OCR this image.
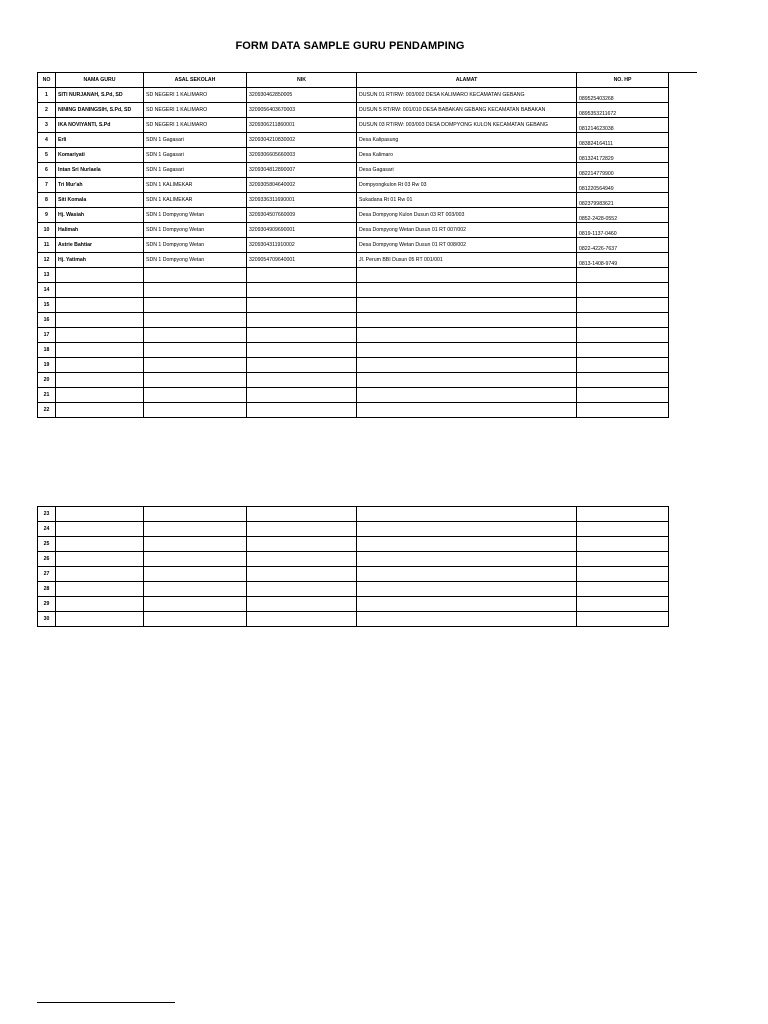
FORM DATA SAMPLE GURU PENDAMPING
NO	NAMA GURU	ASAL SEKOLAH	NIK	ALAMAT	NO. HP
1	SITI NURJANAH, S.Pd, SD	SD NEGERI 1 KALIMARO	320930462850005	DUSUN 01 RT/RW: 003/002 DESA KALIMARO KECAMATAN GEBANG	089525403268
2	NINING DANINGSIH, S.Pd, SD	SD NEGERI 1 KALIMARO	3209056403670003	DUSUN 5 RT/RW: 001/010 DESA BABAKAN GEBANG KECAMATAN BABAKAN	0895353211672
3	IKA NOVIYANTI, S.Pd	SD NEGERI 1 KALIMARO	3209306211860001	DUSUN 03 RT/RW: 003/003 DESA DOMPYONG KULON KECAMATAN GEBANG	081214623038
4	Erli	SDN 1 Gagasari	3209304210830002	Desa Kalipasung	083824164111
5	Komariyati	SDN 1 Gagasari	3209306605660003	Desa Kalimaro	081324172829
6	Intan Sri Nurlaela	SDN 1 Gagasari	3209304812890007	Desa Gagasari	082214779900
7	Tri Mur'ah	SDN 1 KALIMEKAR	3209305804640002	Dompyongkulon Rt 03 Rw 03	081220564949
8	Siti Komala	SDN 1 KALIMEKAR	3209336311690001	Sukadana Rt 01 Rw 01	082379983621
9	Hj. Wasiah	SDN 1 Dompyong Wetan	3209304507660009	Desa Dompyong Kulon Dusun 03 RT 003/003	0852-2428-0552
10	Halimah	SDN 1 Dompyong Wetan	3209304909690001	Desa Dompyong Wetan Dusun 01 RT 007/002	0819-1137-0460
11	Astrie Bahtiar	SDN 1 Dompyong Wetan	3209304311910002	Desa Dompyong Wetan Dusun 01 RT 008/002	0822-4226-7637
12	Hj. Yatimah	SDN 1 Dompyong Wetan	3209054709640001	Jl. Perum BBI Dusun 05 RT 001/001	0813-1408-9749
13					
14					
15					
16					
17					
18					
19					
20					
21					
22					
23					
24					
25					
26					
27					
28					
29					
30					
